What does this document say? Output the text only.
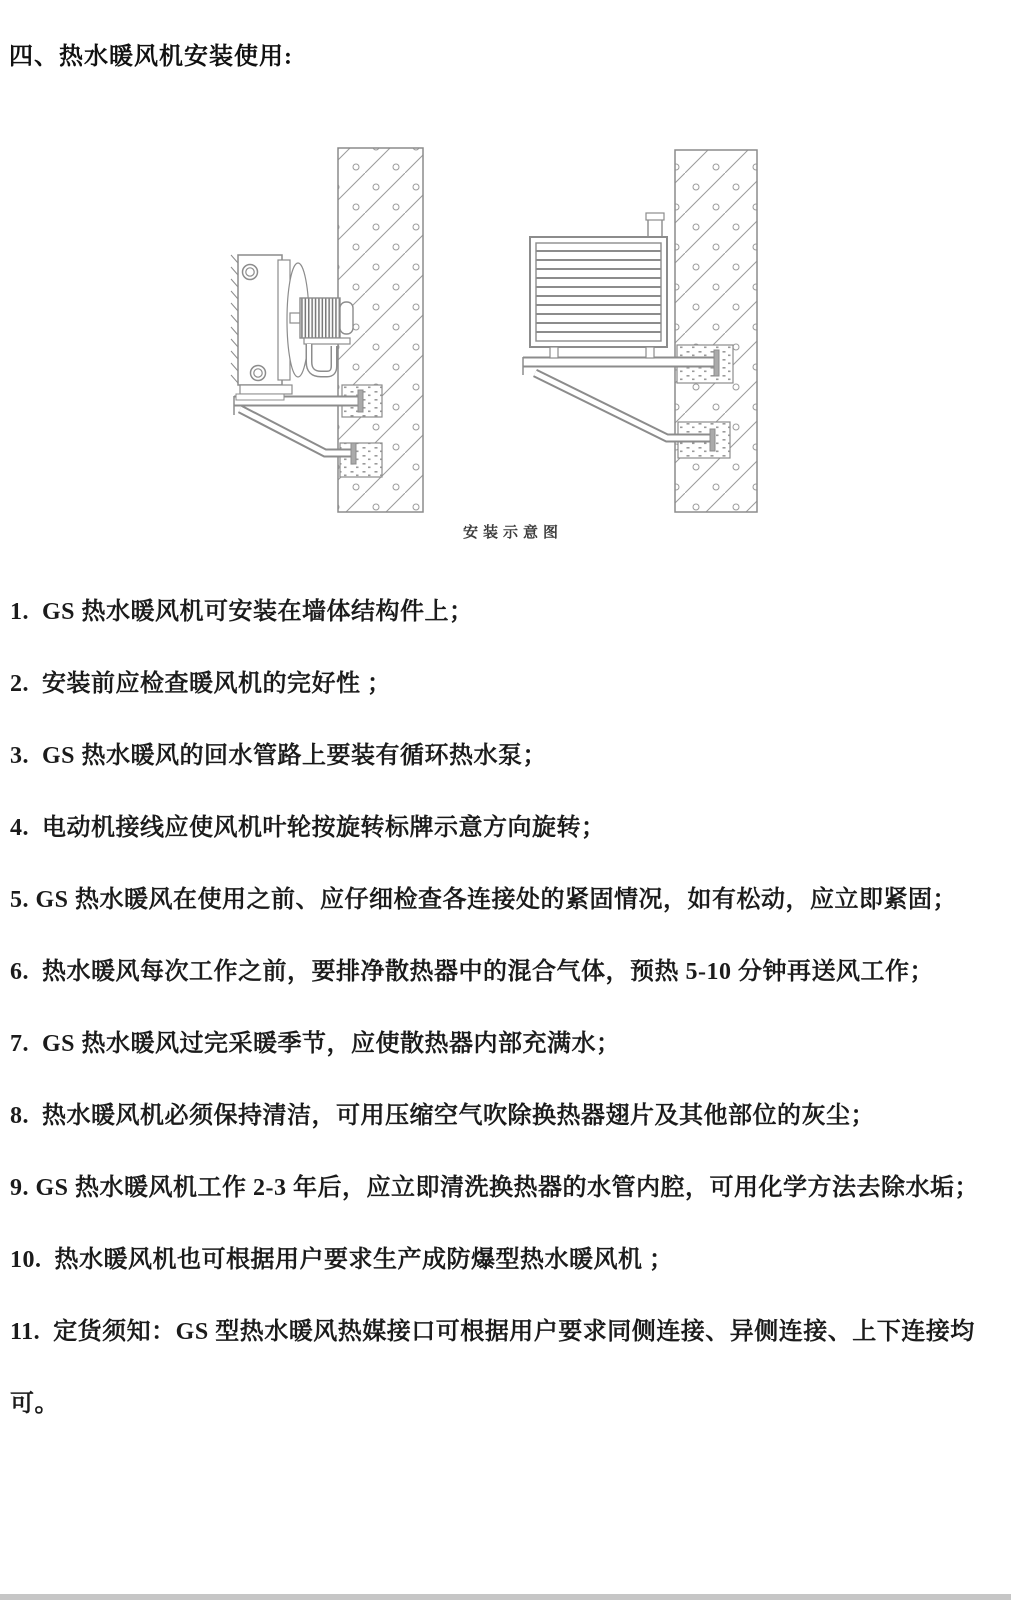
四、热水暖风机安装使用:
安装示意图

1.  GS 热水暖风机可安装在墙体结构件上；

2.  安装前应检查暖风机的完好性 ；

3.  GS 热水暖风的回水管路上要装有循环热水泵；

4.  电动机接线应使风机叶轮按旋转标牌示意方向旋转；

5. GS 热水暖风在使用之前、应仔细检查各连接处的紧固情况，如有松动，应立即紧固；

6.  热水暖风每次工作之前，要排净散热器中的混合气体，预热 5-10 分钟再送风工作；

7.  GS 热水暖风过完采暖季节，应使散热器内部充满水；

8.  热水暖风机必须保持清洁，可用压缩空气吹除换热器翅片及其他部位的灰尘；

9. GS 热水暖风机工作 2-3 年后，应立即清洗换热器的水管内腔，可用化学方法去除水垢；

10.  热水暖风机也可根据用户要求生产成防爆型热水暖风机 ；

11.  定货须知：GS 型热水暖风热媒接口可根据用户要求同侧连接、异侧连接、上下连接均可。
